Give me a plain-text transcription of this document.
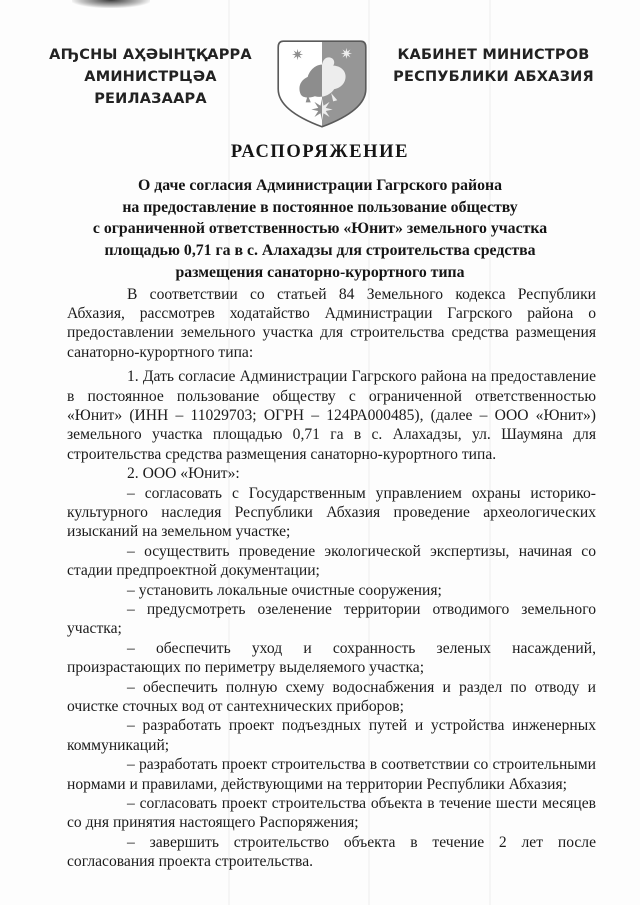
АҦСНЫ АҲӘЫНҬҚАРРА
АМИНИСТРЦӘА РЕИЛАЗААРА
КАБИНЕТ МИНИСТРОВ
РЕСПУБЛИКИ АБХАЗИЯ
РАСПОРЯЖЕНИЕ
О даче согласия Администрации Гагрского района
на предоставление в постоянное пользование обществу
с ограниченной ответственностью «Юнит» земельного участка
площадью 0,71 га в с. Алахадзы для строительства средства
размещения санаторно-курортного типа
В соответствии со статьей 84 Земельного кодекса Республики Абхазия, рассмотрев ходатайство Администрации Гагрского района о предоставлении земельного участка для строительства средства размещения санаторно-курортного типа:
1. Дать согласие Администрации Гагрского района на предоставление в постоянное пользование обществу с ограниченной ответственностью «Юнит» (ИНН – 11029703; ОГРН – 124РА000485), (далее – ООО «Юнит») земельного участка площадью 0,71 га в с. Алахадзы, ул. Шаумяна для строительства средства размещения санаторно-курортного типа.
2. ООО «Юнит»:
– согласовать с Государственным управлением охраны историко-культурного наследия Республики Абхазия проведение археологических изысканий на земельном участке;
– осуществить проведение экологической экспертизы, начиная со стадии предпроектной документации;
– установить локальные очистные сооружения;
– предусмотреть озеленение территории отводимого земельного участка;
– обеспечить уход и сохранность зеленых насаждений, произрастающих по периметру выделяемого участка;
– обеспечить полную схему водоснабжения и раздел по отводу и очистке сточных вод от сантехнических приборов;
– разработать проект подъездных путей и устройства инженерных коммуникаций;
– разработать проект строительства в соответствии со строительными нормами и правилами, действующими на территории Республики Абхазия;
– согласовать проект строительства объекта в течение шести месяцев со дня принятия настоящего Распоряжения;
– завершить строительство объекта в течение 2 лет после согласования проекта строительства.
